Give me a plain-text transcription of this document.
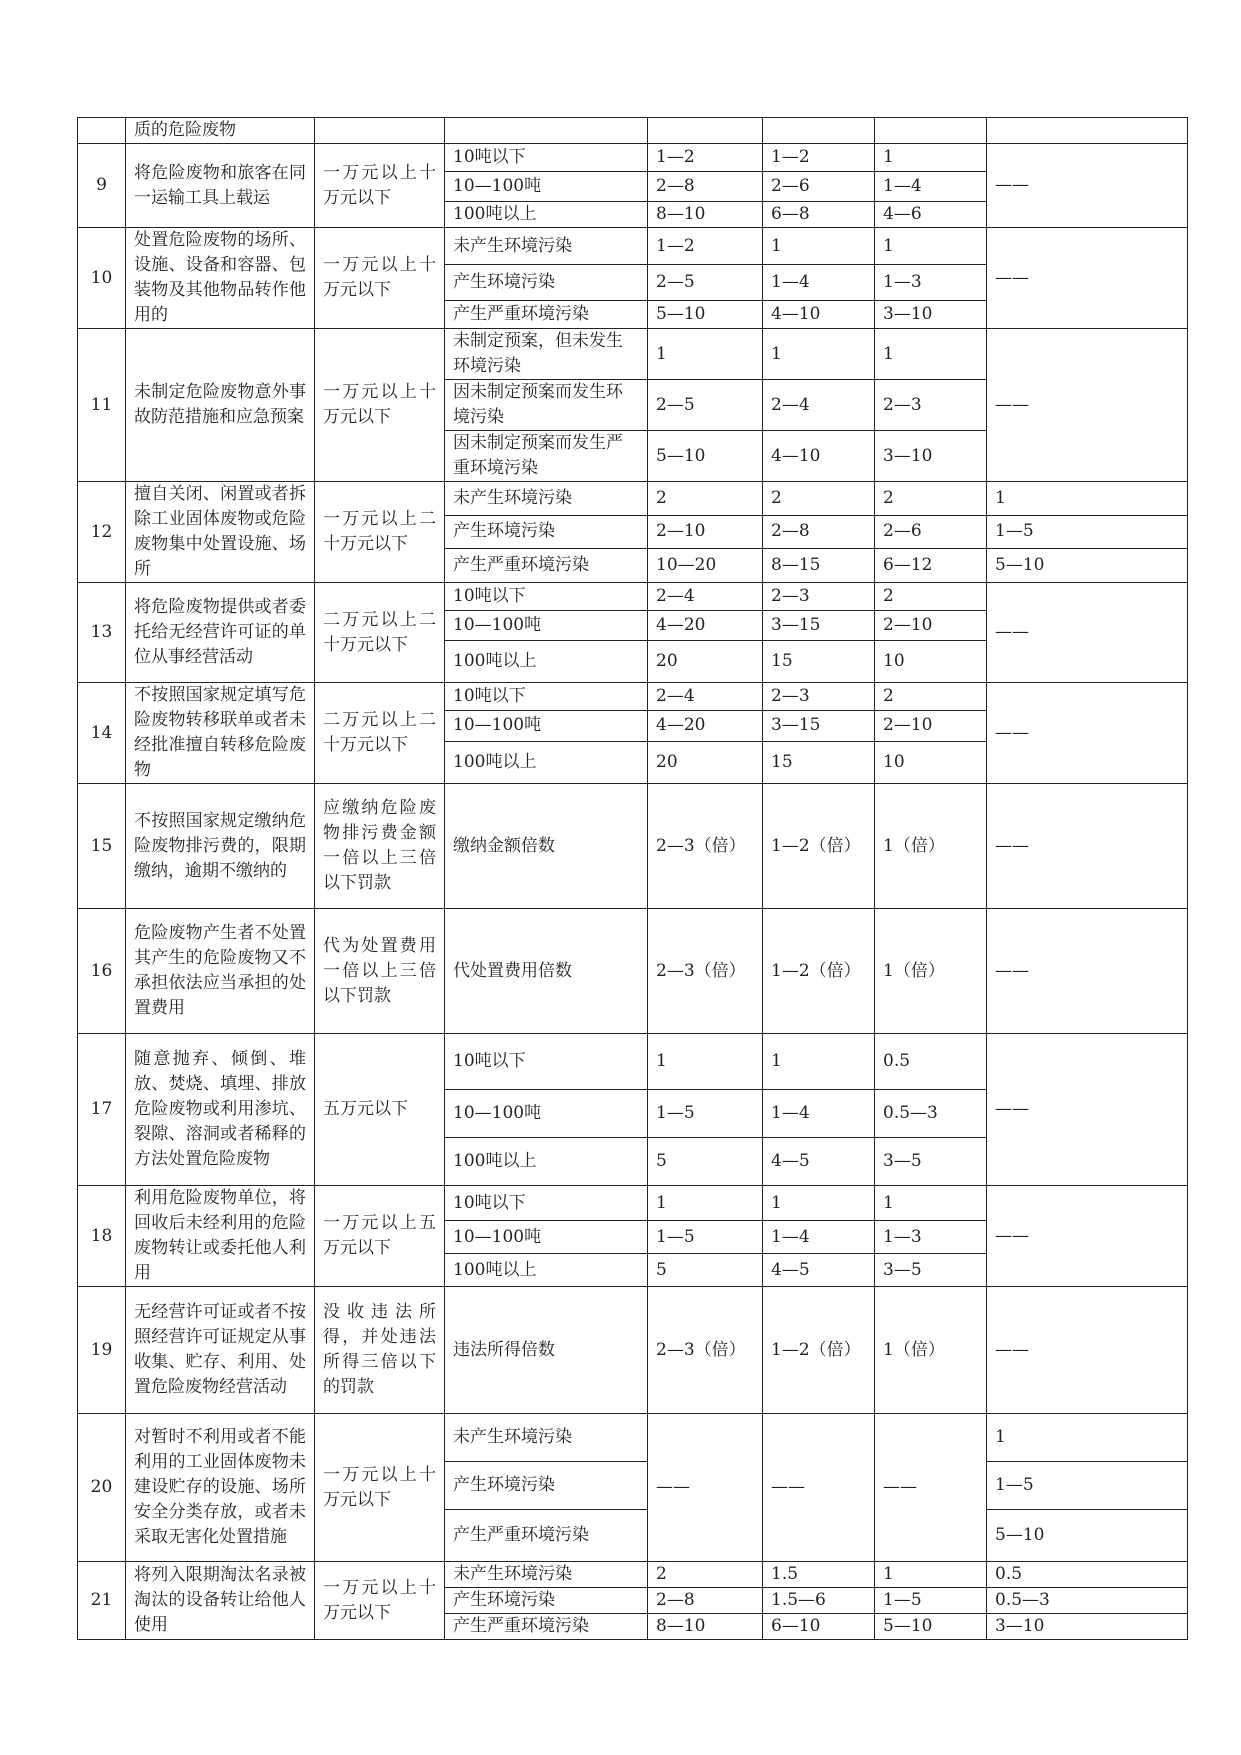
	质的危险废物						
9	将危险废物和旅客在同一运输工具上载运	一万元以上十万元以下	10吨以下	1—2	1—2	1	——
			10—100吨	2—8	2—6	1—4	
			100吨以上	8—10	6—8	4—6	
10	处置危险废物的场所、设施、设备和容器、包装物及其他物品转作他用的	一万元以上十万元以下	未产生环境污染	1—2	1	1	——
			产生环境污染	2—5	1—4	1—3	
			产生严重环境污染	5—10	4—10	3—10	
11	未制定危险废物意外事故防范措施和应急预案	一万元以上十万元以下	未制定预案，但未发生环境污染	1	1	1	——
			因未制定预案而发生环境污染	2—5	2—4	2—3	
			因未制定预案而发生严重环境污染	5—10	4—10	3—10	
12	擅自关闭、闲置或者拆除工业固体废物或危险废物集中处置设施、场所	一万元以上二十万元以下	未产生环境污染	2	2	2	1
			产生环境污染	2—10	2—8	2—6	1—5
			产生严重环境污染	10—20	8—15	6—12	5—10
13	将危险废物提供或者委托给无经营许可证的单位从事经营活动	二万元以上二十万元以下	10吨以下	2—4	2—3	2	——
			10—100吨	4—20	3—15	2—10	
			100吨以上	20	15	10	
14	不按照国家规定填写危险废物转移联单或者未经批准擅自转移危险废物	二万元以上二十万元以下	10吨以下	2—4	2—3	2	——
			10—100吨	4—20	3—15	2—10	
			100吨以上	20	15	10	
15	不按照国家规定缴纳危险废物排污费的，限期缴纳，逾期不缴纳的	应缴纳危险废物排污费金额一倍以上三倍以下罚款	缴纳金额倍数	2—3（倍）	1—2（倍）	1（倍）	——
16	危险废物产生者不处置其产生的危险废物又不承担依法应当承担的处置费用	代为处置费用一倍以上三倍以下罚款	代处置费用倍数	2—3（倍）	1—2（倍）	1（倍）	——
17	随意抛弃、倾倒、堆放、焚烧、填埋、排放危险废物或利用渗坑、裂隙、溶洞或者稀释的方法处置危险废物	五万元以下	10吨以下	1	1	0.5	——
			10—100吨	1—5	1—4	0.5—3	
			100吨以上	5	4—5	3—5	
18	利用危险废物单位，将回收后未经利用的危险废物转让或委托他人利用	一万元以上五万元以下	10吨以下	1	1	1	——
			10—100吨	1—5	1—4	1—3	
			100吨以上	5	4—5	3—5	
19	无经营许可证或者不按照经营许可证规定从事收集、贮存、利用、处置危险废物经营活动	没收违法所得，并处违法所得三倍以下的罚款	违法所得倍数	2—3（倍）	1—2（倍）	1（倍）	——
20	对暂时不利用或者不能利用的工业固体废物未建设贮存的设施、场所安全分类存放，或者未采取无害化处置措施	一万元以上十万元以下	未产生环境污染	——	——	——	1
			产生环境污染				1—5
			产生严重环境污染				5—10
21	将列入限期淘汰名录被淘汰的设备转让给他人使用	一万元以上十万元以下	未产生环境污染	2	1.5	1	0.5
			产生环境污染	2—8	1.5—6	1—5	0.5—3
			产生严重环境污染	8—10	6—10	5—10	3—10
